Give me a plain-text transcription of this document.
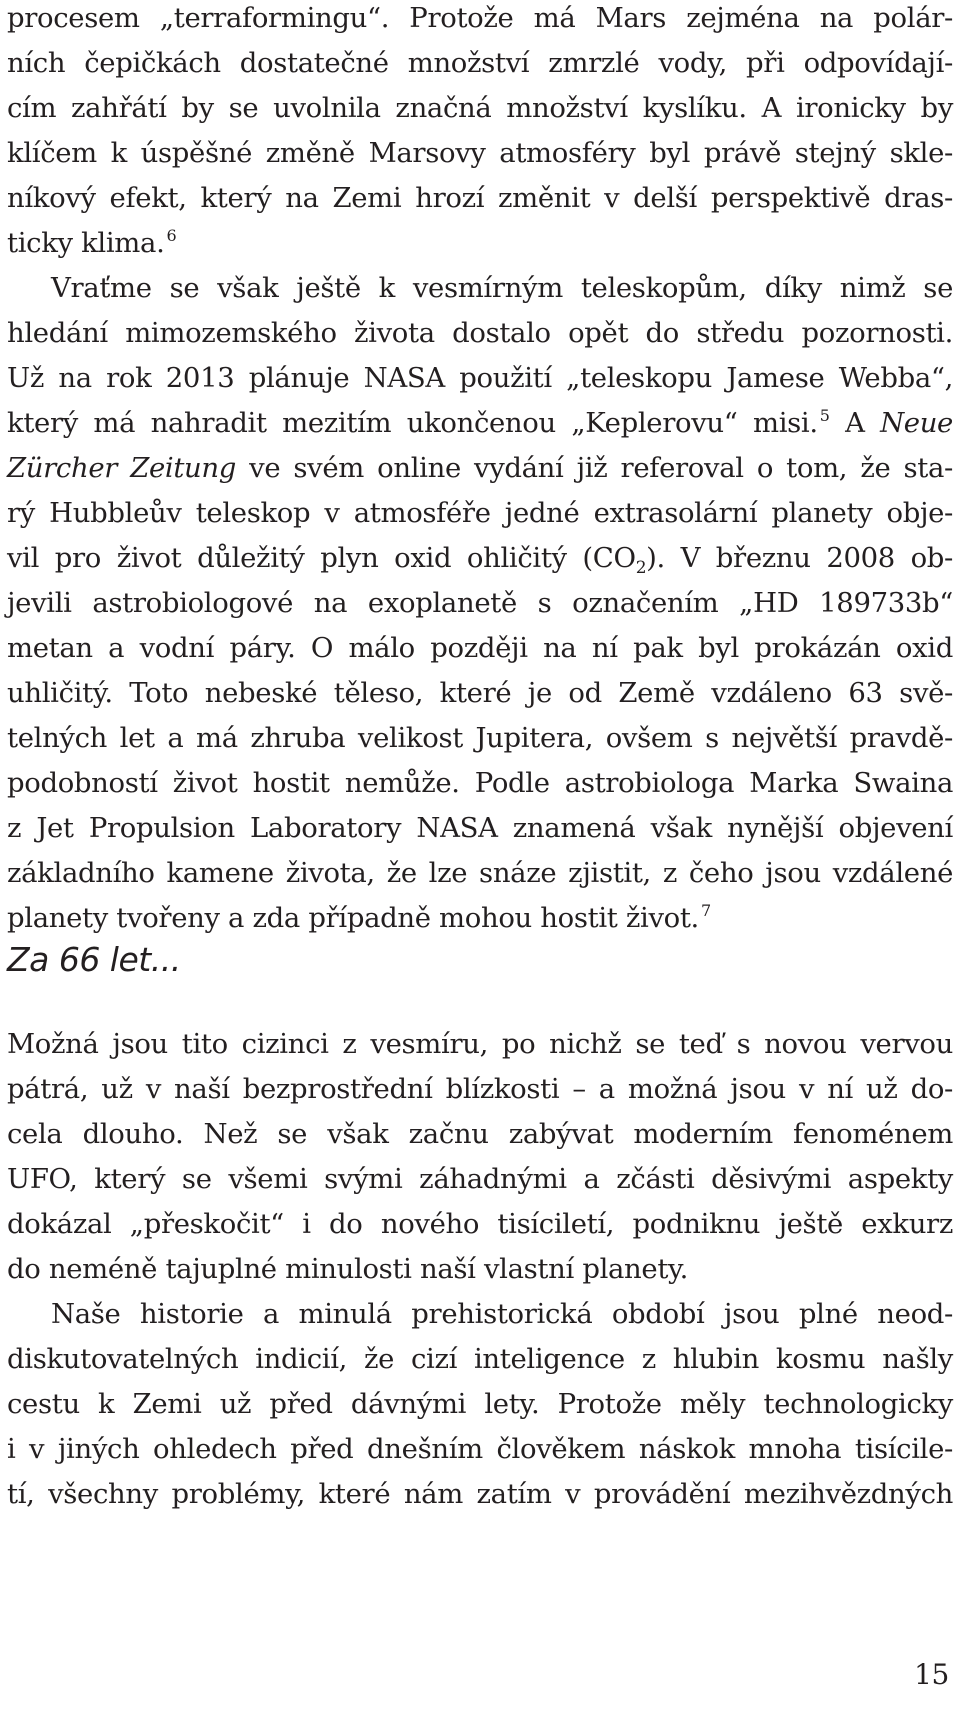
procesem „terraformingu“. Protože má Mars zejména na polár-
ních čepičkách dostatečné množství zmrzlé vody, při odpovídají-
cím zahřátí by se uvolnila značná množství kyslíku. A ironicky by
klíčem k úspěšné změně Marsovy atmosféry byl právě stejný skle-
níkový efekt, který na Zemi hrozí změnit v delší perspektivě dras-
ticky klima. $^6$
Vraťme se však ještě k vesmírným teleskopům, díky nimž se
hledání mimozemského života dostalo opět do středu pozornosti.
Už na rok 2013 plánuje NASA použití „teleskopu Jamese Webba“,
který má nahradit mezitím ukončenou „Keplerovu“ misi. $^5$ A Neue
Zürcher Zeitung ve svém online vydání již referoval o tom, že sta-
rý Hubbleův teleskop v atmosféře jedné extrasolární planety obje-
vil pro život důležitý plyn oxid ohličitý $(CO_2)$. V březnu 2008 ob-
jevili astrobiologové na exoplanetě s označením „HD 189733b“
metan a vodní páry. O málo později na ní pak byl prokázán oxid
uhličitý. Toto nebeské těleso, které je od Země vzdáleno 63 svě-
telných let a má zhruba velikost Jupitera, ovšem s největší pravdě-
podobností život hostit nemůže. Podle astrobiologa Marka Swaina
z Jet Propulsion Laboratory NASA znamená však nynější objevení
základního kamene života, že lze snáze zjistit, z čeho jsou vzdálené
planety tvořeny a zda případně mohou hostit život. $^7$
Za 66 let...
Možná jsou tito cizinci z vesmíru, po nichž se teď s novou vervou
pátrá, už v naší bezprostřední blízkosti – a možná jsou v ní už do-
cela dlouho. Než se však začnu zabývat moderním fenoménem
UFO, který se všemi svými záhadnými a zčásti děsivými aspekty
dokázal „přeskočit“ i do nového tisíciletí, podniknu ještě exkurz
do neméně tajuplné minulosti naší vlastní planety.
Naše historie a minulá prehistorická období jsou plné neod-
diskutovatelných indicií, že cizí inteligence z hlubin kosmu našly
cestu k Zemi už před dávnými lety. Protože měly technologicky
i v jiných ohledech před dnešním člověkem náskok mnoha tisícile-
tí, všechny problémy, které nám zatím v provádění mezihvězdných
15
